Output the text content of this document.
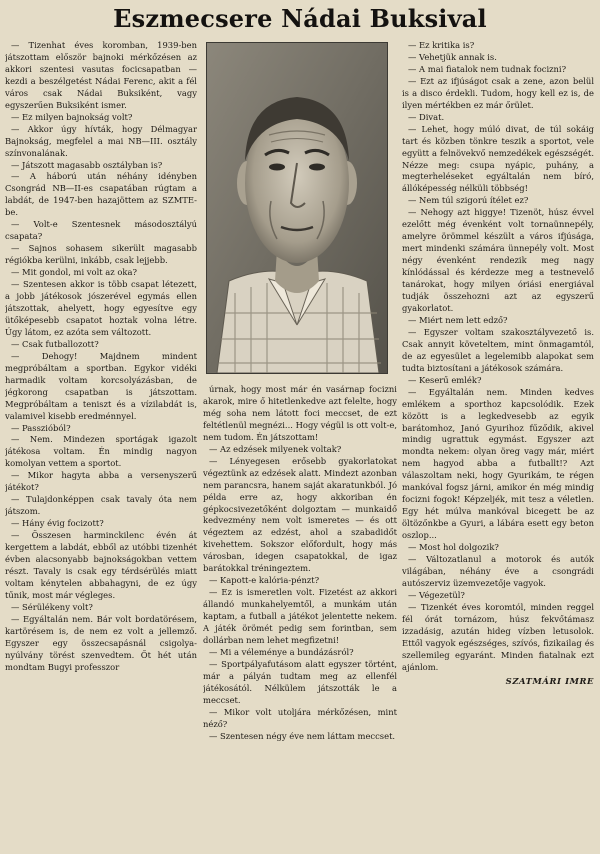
Eszmecsere Nádai Buksival

— Tizenhat éves koromban, 1939-ben játszottam először bajnoki mérkőzésen az akkori szentesi vasutas focicsapatban — kezdi a beszélgetést Nádai Ferenc, akit a fél város csak Nádai Buksiként, vagy egyszerűen Buksiként ismer.

— Ez milyen bajnokság volt?

— Akkor úgy hívták, hogy Délmagyar Bajnokság, megfelel a mai NB—III. osztály színvonalának.

— Játszott magasabb osztályban is?

— A háború után néhány idényben Csongrád NB—II-es csapatában rúgtam a labdát, de 1947-ben hazajöttem az SZMTE-be.

— Volt-e Szentesnek másodosztályú csapata?

— Sajnos sohasem sikerült magasabb régiókba kerülni, inkább, csak lejjebb.

— Mit gondol, mi volt az oka?

— Szentesen akkor is több csapat létezett, a jobb játékosok jószerével egymás ellen játszottak, ahelyett, hogy egyesítve egy ütőképesebb csapatot hoztak volna létre. Úgy látom, ez azóta sem változott.

— Csak futballozott?

— Dehogy! Majdnem mindent megpróbáltam a sportban. Egykor vidéki harmadik voltam korcsolyázásban, de jégkorong csapatban is játszottam. Megpróbáltam a teniszt és a vízilabdát is, valamivel kisebb eredménnyel.

— Passzióból?

— Nem. Mindezen sportágak igazolt játékosa voltam. Én mindig nagyon komolyan vettem a sportot.

— Mikor hagyta abba a versenyszerű játékot?

— Tulajdonképpen csak tavaly óta nem játszom.

— Hány évig focizott?

— Összesen harminckilenc évén át kergettem a labdát, ebből az utóbbi tizenhét évben alacsonyabb bajnokságokban vettem részt. Tavaly is csak egy térdsérülés miatt voltam kénytelen abbahagyni, de ez úgy tűnik, most már végleges.

— Sérülékeny volt?

— Egyáltalán nem. Bár volt bordatörésem, kartörésem is, de nem ez volt a jellemző. Egyszer egy összecsapásnál csigolya-nyúlvány törést szenvedtem. Őt hét után mondtam Bugyi professzor

úrnak, hogy most már én vasárnap focizni akarok, mire ő hitetlenkedve azt felelte, hogy még soha nem látott foci meccset, de ezt feltétlenül megnézi... Hogy végül is ott volt-e, nem tudom. Én játszottam!

— Az edzések milyenek voltak?

— Lényegesen erősebb gyakorlatokat végeztünk az edzések alatt. Mindezt azonban nem parancsra, hanem saját akaratunkból. Jó példa erre az, hogy akkoriban én gépkocsivezetőként dolgoztam — munkaidő kedvezmény nem volt ismeretes — és ott végeztem az edzést, ahol a szabadidőt kivehettem. Sokszor előfordult, hogy más városban, idegen csapatokkal, de igaz barátokkal tréningeztem.

— Kapott-e kalória-pénzt?

— Ez is ismeretlen volt. Fizetést az akkori állandó munkahelyemtől, a munkám után kaptam, a futball a játékot jelentette nekem. A játék örömét pedig sem forintban, sem dollárban nem lehet megfizetni!

— Mi a véleménye a bundázásról?

— Sportpályafutásom alatt egyszer történt, már a pályán tudtam meg az ellenfél játékosától. Nélkülem játszották le a meccset.

— Mikor volt utoljára mérkőzésen, mint néző?

— Szentesen négy éve nem láttam meccset.

— Ez kritika is?

— Vehetjük annak is.

— A mai fiatalok nem tudnak focizni?

— Ezt az ifjúságot csak a zene, azon belül is a disco érdekli. Tudom, hogy kell ez is, de ilyen mértékben ez már őrület.

— Divat.

— Lehet, hogy múló divat, de túl sokáig tart és közben tönkre teszik a sportot, vele együtt a felnövekvő nemzedékek egészségét. Nézze meg: csupa nyápic, puhány, a megterheléseket egyáltalán nem bíró, állóképesség nélküli többség!

— Nem túl szigorú ítélet ez?

— Nehogy azt higgye! Tizenöt, húsz évvel ezelőtt még évenként volt tornaünnepély, amelyre örömmel készült a város ifjúsága, mert mindenki számára ünnepély volt. Most négy évenként rendezik meg nagy kínlódással és kérdezze meg a testnevelő tanárokat, hogy milyen óriási energiával tudják összehozni azt az egyszerű gyakorlatot.

— Miért nem lett edző?

— Egyszer voltam szakosztályvezető is. Csak annyit követeltem, mint önmagamtól, de az egyesület a legelemibb alapokat sem tudta biztosítani a játékosok számára.

— Keserű emlék?

— Egyáltalán nem. Minden kedves emlékem a sporthoz kapcsolódik. Ezek között is a legkedvesebb az egyik barátomhoz, Janó Gyurihoz fűződik, akivel mindig ugrattuk egymást. Egyszer azt mondta nekem: olyan öreg vagy már, miért nem hagyod abba a futballt!? Azt válaszoltam neki, hogy Gyurikám, te régen mankóval fogsz járni, amikor én még mindig focizni fogok! Képzeljék, mit tesz a véletlen. Egy hét múlva mankóval bicegett be az öltözőnkbe a Gyuri, a lábára esett egy beton oszlop...

— Most hol dolgozik?

— Változatlanul a motorok és autók világában, néhány éve a csongrádi autószerviz üzemvezetője vagyok.

— Végezetül?

— Tizenkét éves koromtól, minden reggel fél órát tornázom, húsz fekvőtámasz izzadásig, azután hideg vízben letusolok. Ettől vagyok egészséges, szívós, fizikailag és szellemileg egyaránt. Minden fiatalnak ezt ajánlom.

SZATMÁRI IMRE
